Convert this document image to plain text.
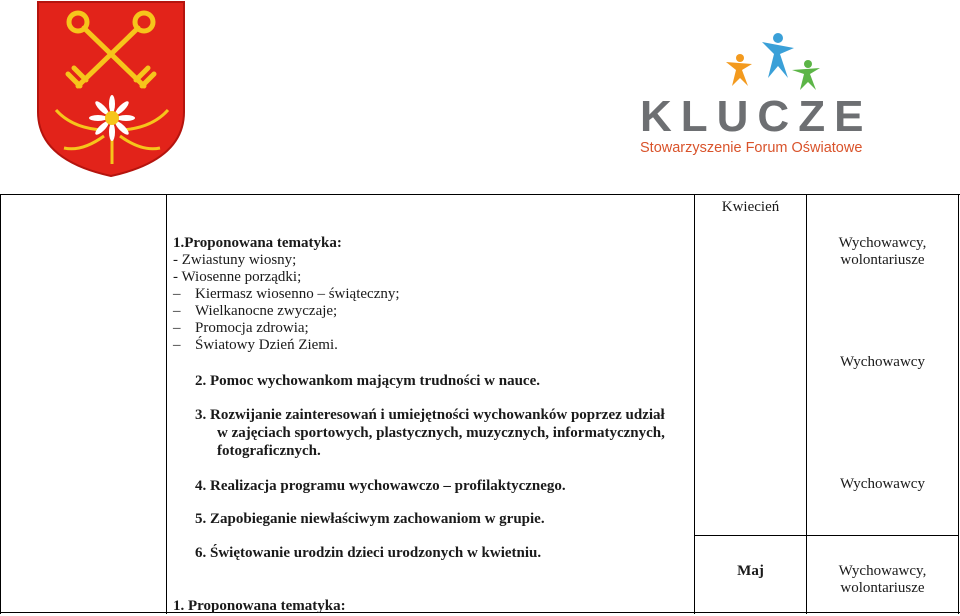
KLUCZE
Stowarzyszenie Forum Oświatowe
Kwiecień
Maj
1.Proponowana tematyka:
- Zwiastuny wiosny;
- Wiosenne porządki;
– Kiermasz wiosenno – świąteczny;
– Wielkanocne zwyczaje;
– Promocja zdrowia;
– Światowy Dzień Ziemi.
2. Pomoc wychowankom mającym trudności w nauce.
3. Rozwijanie zainteresowań i umiejętności wychowanków poprzez udział
w zajęciach sportowych, plastycznych, muzycznych, informatycznych,
fotograficznych.
4. Realizacja programu wychowawczo – profilaktycznego.
5. Zapobieganie niewłaściwym zachowaniom w grupie.
6. Świętowanie urodzin dzieci urodzonych w kwietniu.
1. Proponowana tematyka:
Wychowawcy,
wolontariusze
Wychowawcy
Wychowawcy
Wychowawcy,
wolontariusze
